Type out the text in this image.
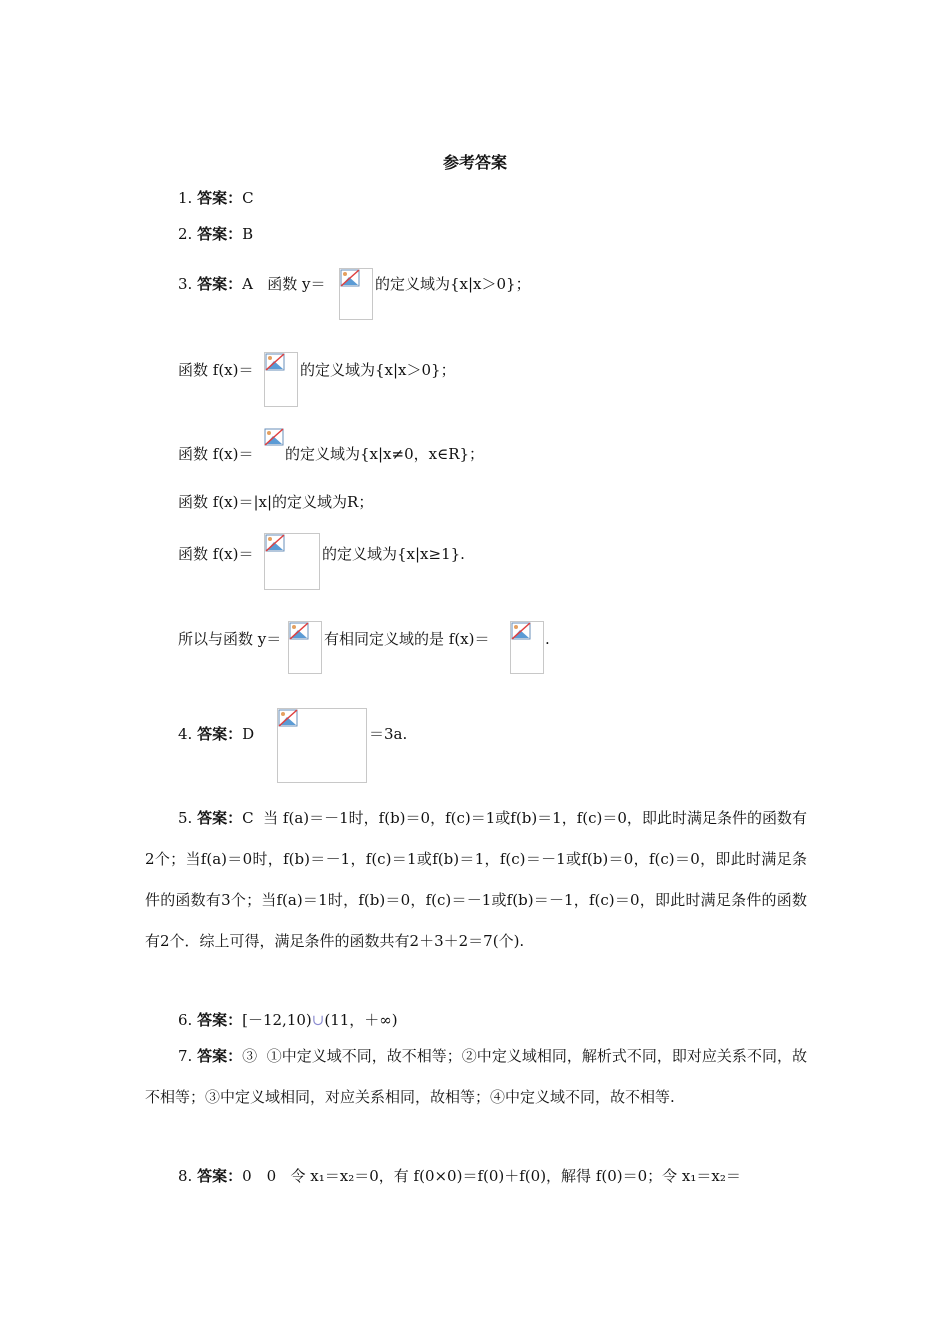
参考答案
1. 答案：C
2. 答案：B
3. 答案：A 函数 y＝	的定义域为{x|x＞0}；
函数 f(x)＝	的定义域为{x|x＞0}；
函数 f(x)＝ 的定义域为{x|x≠0，x∈R}；
函数 f(x)＝|x|的定义域为R；
函数 f(x)＝	的定义域为{x|x≥1}.
所以与函数 y＝	有相同定义域的是 f(x)＝	.
4. 答案：D	＝3a.
5. 答案：C 当 f(a)＝－1时，f(b)＝0，f(c)＝1或f(b)＝1，f(c)＝0，即此时满足条件的函数有2个；当f(a)＝0时，f(b)＝－1，f(c)＝1或f(b)＝1，f(c)＝－1或f(b)＝0，f(c)＝0，即此时满足条件的函数有3个；当f(a)＝1时，f(b)＝0，f(c)＝－1或f(b)＝－1，f(c)＝0，即此时满足条件的函数有2个．综上可得，满足条件的函数共有2＋3＋2＝7(个).
6. 答案：[－12,10)∪(11，＋∞)
7. 答案：③ ①中定义域不同，故不相等；②中定义域相同，解析式不同，即对应关系不同，故不相等；③中定义域相同，对应关系相同，故相等；④中定义域不同，故不相等.
8. 答案：0　0 令 x₁＝x₂＝0，有 f(0×0)＝f(0)＋f(0)，解得 f(0)＝0；令 x₁＝x₂＝
